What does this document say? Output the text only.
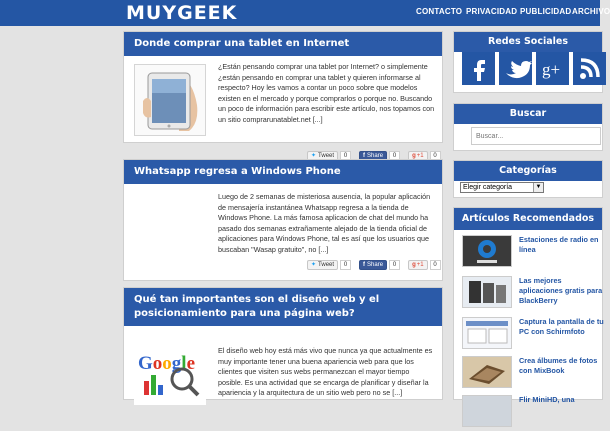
MUYGEEK	CONTACTO PRIVACIDAD PUBLICIDAD ARCHIVO
Donde comprar una tablet en Internet
¿Están pensando comprar una tablet por Internet? o simplemente ¿están pensando en comprar una tablet y quieren informarse al respecto? Hoy les vamos a contar un poco sobre que modelos existen en el mercado y porque comprarlos o porque no. Buscando un poco de información para escribir este artículo, nos topamos con un sitio comprarunatablet.net [...]
✦ Tweet	0	f Share	0	g +1	0
Whatsapp regresa a Windows Phone
Luego de 2 semanas de misteriosa ausencia, la popular aplicación de mensajería instantánea Whatsapp regresa a la tienda de Windows Phone. La más famosa aplicacion de chat del mundo ha pasado dos semanas extrañamente alejado de la tienda oficial de aplicaciones para Windows Phone, tal es así que los usuarios que buscaban "Wasap gratuito", no [...]
✦ Tweet	0	f Share	0	g +1	0
Qué tan importantes son el diseño web y el posicionamiento para una página web?
Google
El diseño web hoy está más vivo que nunca ya que actualmente es muy importante tener una buena apariencia web para que los clientes que visiten sus webs permanezcan el mayor tiempo posible. Es una actividad que se encarga de planificar y diseñar la apariencia y la arquitectura de un sitio web pero no se [...]
Redes Sociales
g+
Buscar
Buscar...
Categorías
Elegir categoría	▼
Artículos Recomendados
Estaciones de radio en línea
Las mejores aplicaciones gratis para BlackBerry
Captura la pantalla de tu PC con Schirmfoto
Crea álbumes de fotos con MixBook
Flir MiniHD, una
